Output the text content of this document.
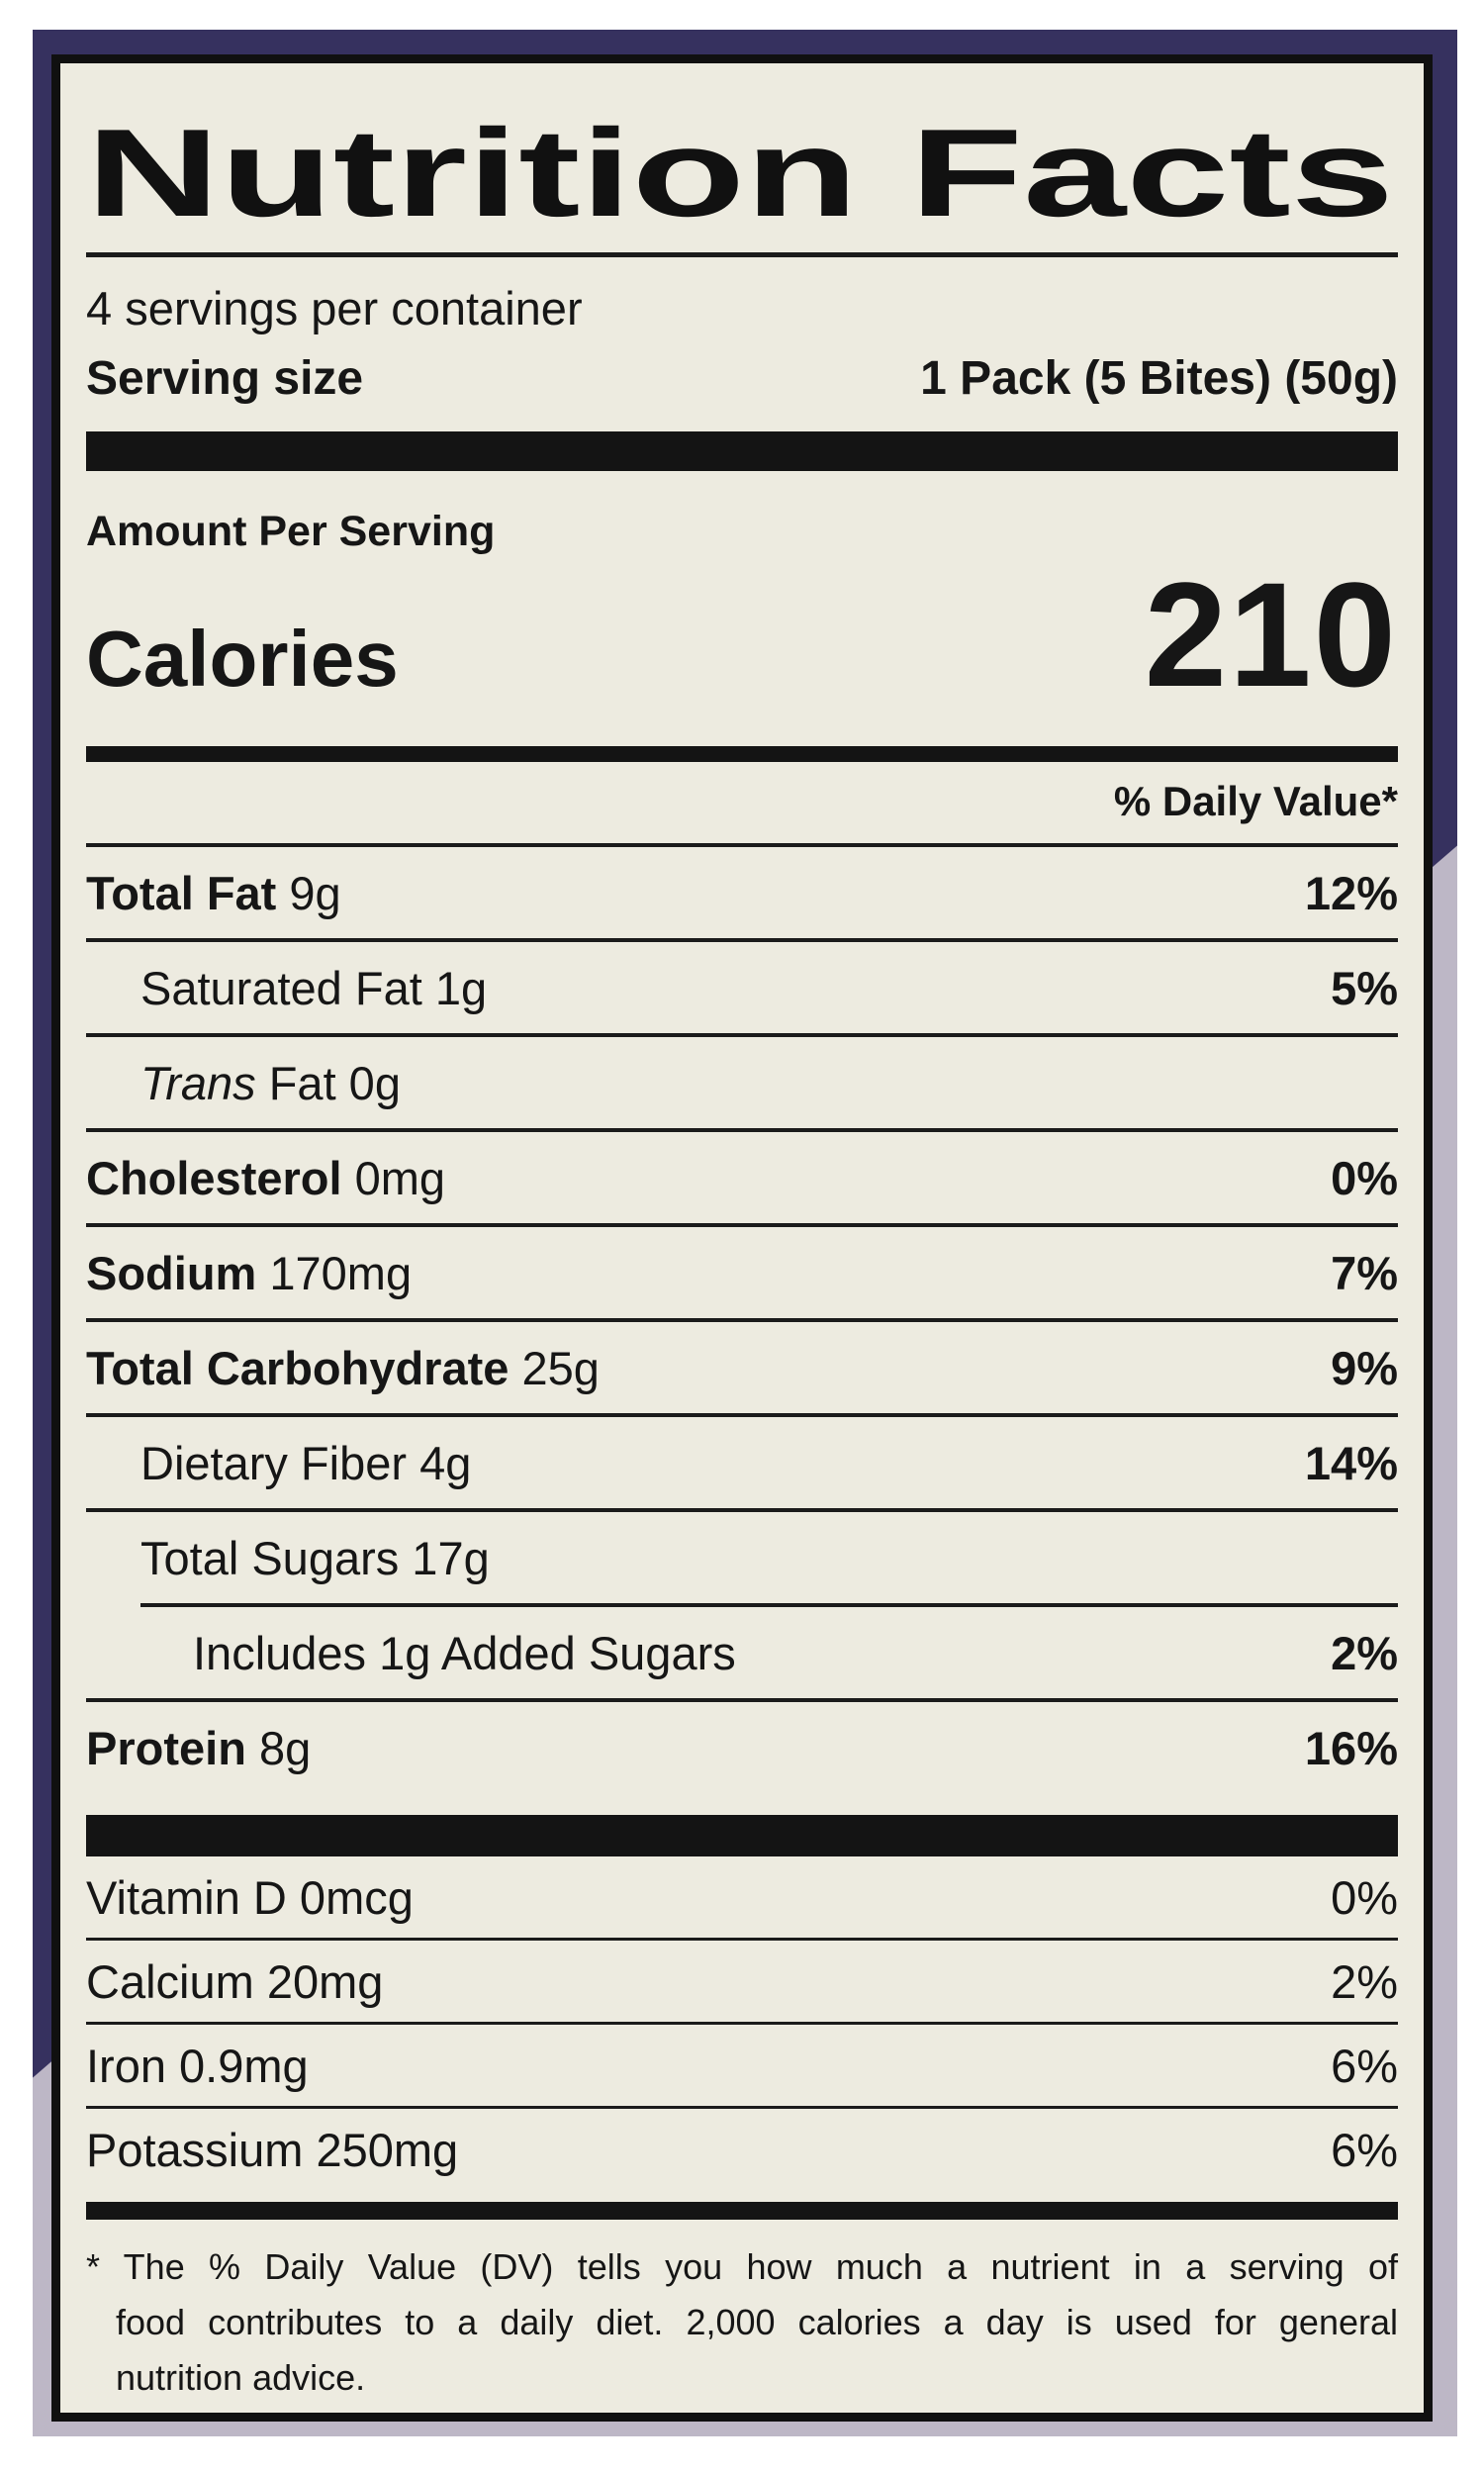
Nutrition Facts
4 servings per container
Serving size	1 Pack (5 Bites) (50g)
Amount Per Serving
Calories	210
% Daily Value*
Total Fat 9g	12%
Saturated Fat 1g	5%
Trans Fat 0g
Cholesterol 0mg	0%
Sodium 170mg	7%
Total Carbohydrate 25g	9%
Dietary Fiber 4g	14%
Total Sugars 17g
Includes 1g Added Sugars	2%
Protein 8g	16%
Vitamin D 0mcg	0%
Calcium 20mg	2%
Iron 0.9mg	6%
Potassium 250mg	6%
* The % Daily Value (DV) tells you how much a nutrient in a serving of
food contributes to a daily diet. 2,000 calories a day is used for general
nutrition advice.
